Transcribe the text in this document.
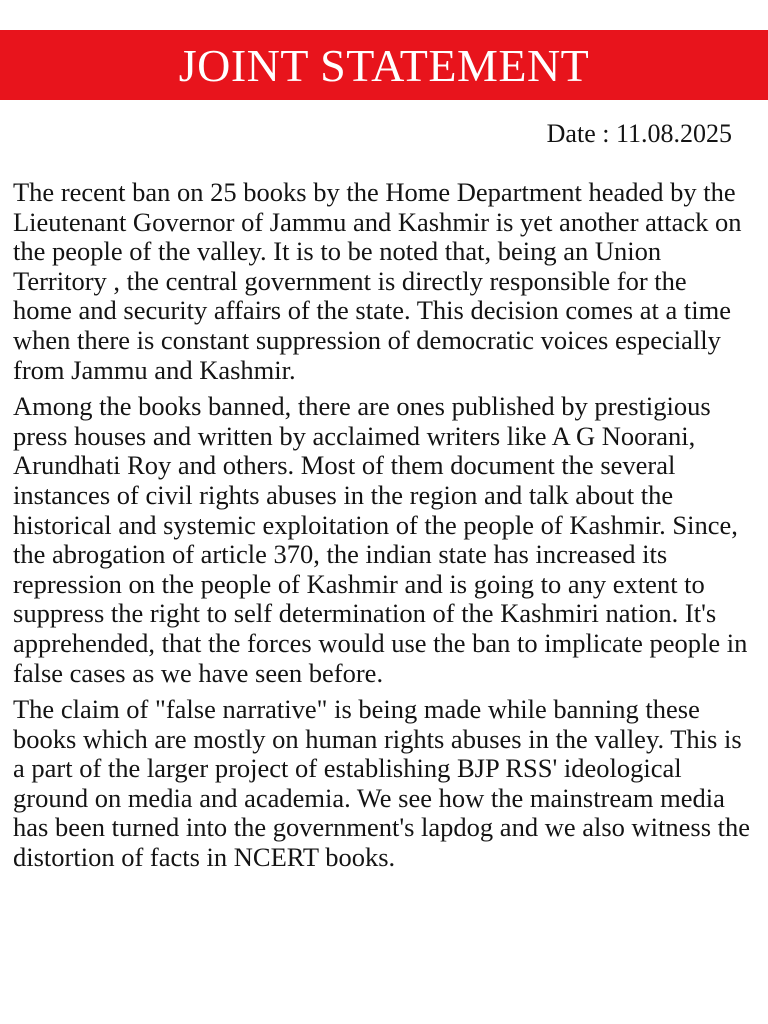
JOINT STATEMENT
Date : 11.08.2025

The recent ban on 25 books by the Home Department headed by the Lieutenant Governor of Jammu and Kashmir is yet another attack on the people of the valley. It is to be noted that, being an Union Territory , the central government is directly responsible for the home and security affairs of the state. This decision comes at a time when there is constant suppression of democratic voices especially from Jammu and Kashmir.

Among the books banned, there are ones published by prestigious press houses and written by acclaimed writers like A G Noorani, Arundhati Roy and others. Most of them document the several instances of civil rights abuses in the region and talk about the historical and systemic exploitation of the people of Kashmir. Since, the abrogation of article 370, the indian state has increased its repression on the people of Kashmir and is going to any extent to suppress the right to self determination of the Kashmiri nation. It's apprehended, that the forces would use the ban to implicate people in false cases as we have seen before.

The claim of "false narrative" is being made while banning these books which are mostly on human rights abuses in the valley. This is a part of the larger project of establishing BJP RSS' ideological ground on media and academia. We see how the mainstream media has been turned into the government's lapdog and we also witness the distortion of facts in NCERT books.
